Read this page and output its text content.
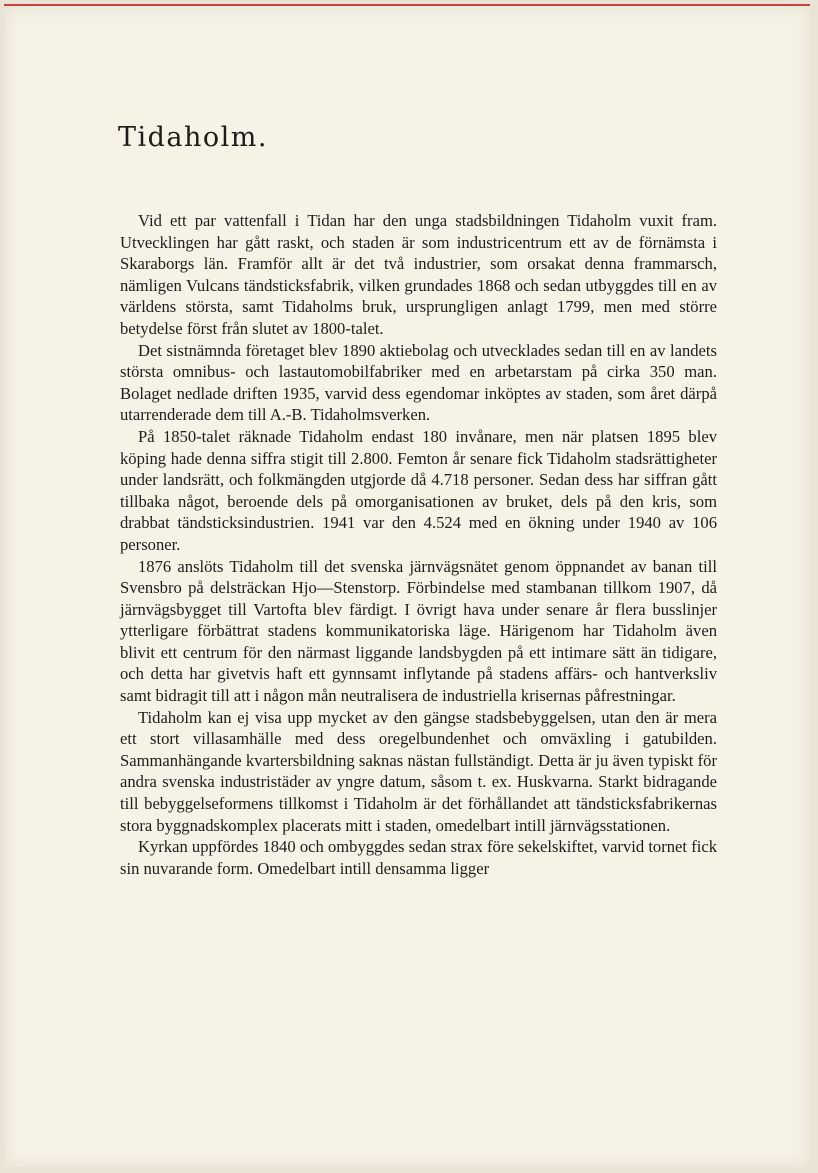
Tidaholm.

Vid ett par vattenfall i Tidan har den unga stadsbildningen Tidaholm vuxit fram. Utvecklingen har gått raskt, och staden är som industricentrum ett av de förnämsta i Skaraborgs län. Framför allt är det två industrier, som orsakat denna frammarsch, nämligen Vulcans tändsticksfabrik, vilken grundades 1868 och sedan utbyggdes till en av världens största, samt Tidaholms bruk, ursprungligen anlagt 1799, men med större betydelse först från slutet av 1800-talet.

Det sistnämnda företaget blev 1890 aktiebolag och utvecklades sedan till en av landets största omnibus- och lastautomobilfabriker med en arbetarstam på cirka 350 man. Bolaget nedlade driften 1935, varvid dess egendomar inköptes av staden, som året därpå utarrenderade dem till A.-B. Tidaholmsverken.

På 1850-talet räknade Tidaholm endast 180 invånare, men när platsen 1895 blev köping hade denna siffra stigit till 2.800. Femton år senare fick Tidaholm stadsrättigheter under landsrätt, och folkmängden utgjorde då 4.718 personer. Sedan dess har siffran gått tillbaka något, beroende dels på omorganisationen av bruket, dels på den kris, som drabbat tändsticksindustrien. 1941 var den 4.524 med en ökning under 1940 av 106 personer.

1876 anslöts Tidaholm till det svenska järnvägsnätet genom öppnandet av banan till Svensbro på delsträckan Hjo—Stenstorp. Förbindelse med stambanan tillkom 1907, då järnvägsbygget till Vartofta blev färdigt. I övrigt hava under senare år flera busslinjer ytterligare förbättrat stadens kommunikatoriska läge. Härigenom har Tidaholm även blivit ett centrum för den närmast liggande landsbygden på ett intimare sätt än tidigare, och detta har givetvis haft ett gynnsamt inflytande på stadens affärs- och hantverksliv samt bidragit till att i någon mån neutralisera de industriella krisernas påfrestningar.

Tidaholm kan ej visa upp mycket av den gängse stadsbebyggelsen, utan den är mera ett stort villasamhälle med dess oregelbundenhet och omväxling i gatubilden. Sammanhängande kvartersbildning saknas nästan fullständigt. Detta är ju även typiskt för andra svenska industristäder av yngre datum, såsom t. ex. Huskvarna. Starkt bidragande till bebyggelseformens tillkomst i Tidaholm är det förhållandet att tändsticksfabrikernas stora byggnadskomplex placerats mitt i staden, omedelbart intill järnvägsstationen.

Kyrkan uppfördes 1840 och ombyggdes sedan strax före sekelskiftet, varvid tornet fick sin nuvarande form. Omedelbart intill densamma ligger
